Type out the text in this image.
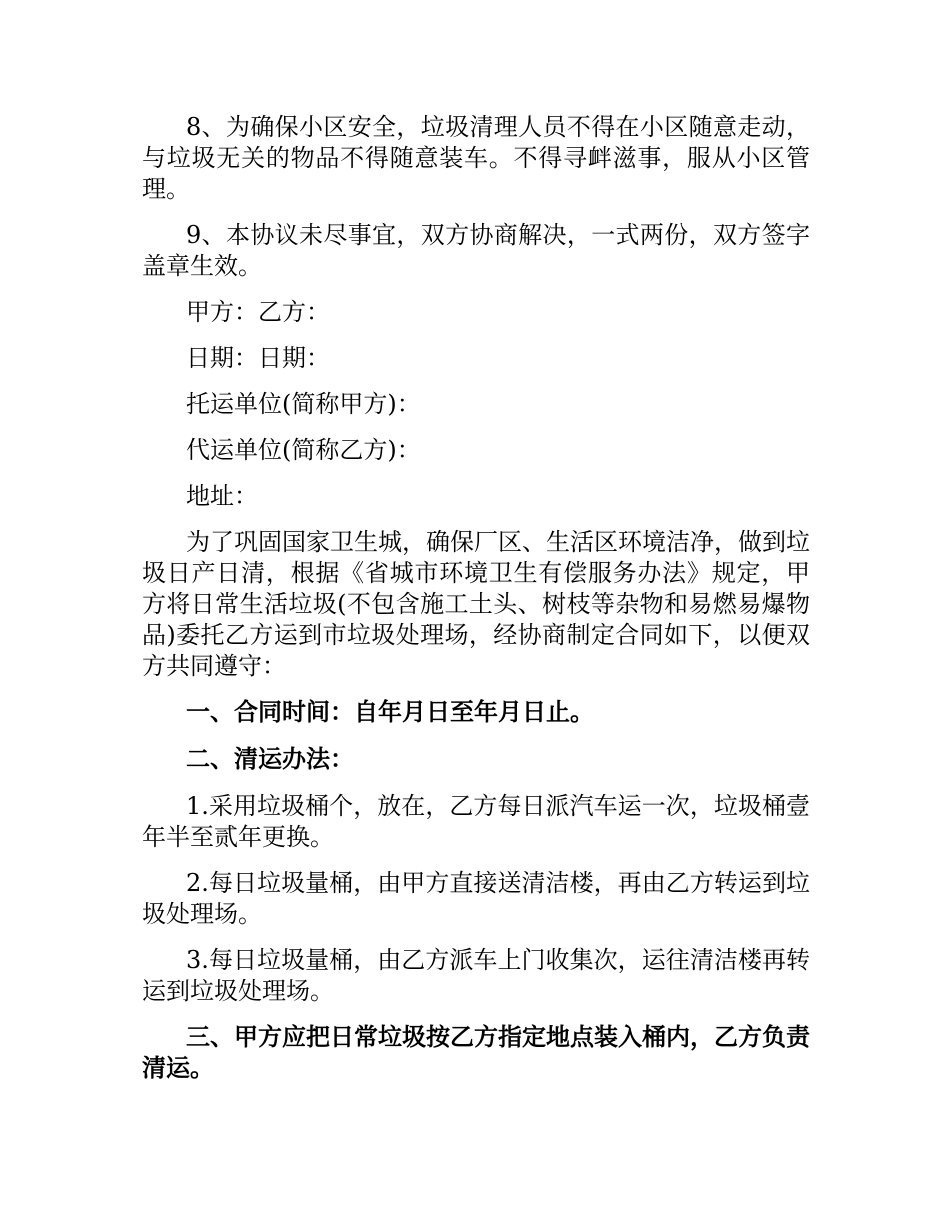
8、为确保小区安全，垃圾清理人员不得在小区随意走动，与垃圾无关的物品不得随意装车。不得寻衅滋事，服从小区管理。

9、本协议未尽事宜，双方协商解决，一式两份，双方签字盖章生效。

甲方：乙方：

日期：日期：

托运单位(简称甲方)：

代运单位(简称乙方)：

地址：

为了巩固国家卫生城，确保厂区、生活区环境洁净，做到垃圾日产日清，根据《省城市环境卫生有偿服务办法》规定，甲方将日常生活垃圾(不包含施工土头、树枝等杂物和易燃易爆物品)委托乙方运到市垃圾处理场，经协商制定合同如下，以便双方共同遵守：

一、合同时间：自年月日至年月日止。

二、清运办法：

1.采用垃圾桶个，放在，乙方每日派汽车运一次，垃圾桶壹年半至贰年更换。

2.每日垃圾量桶，由甲方直接送清洁楼，再由乙方转运到垃圾处理场。

3.每日垃圾量桶，由乙方派车上门收集次，运往清洁楼再转运到垃圾处理场。

三、甲方应把日常垃圾按乙方指定地点装入桶内，乙方负责清运。
